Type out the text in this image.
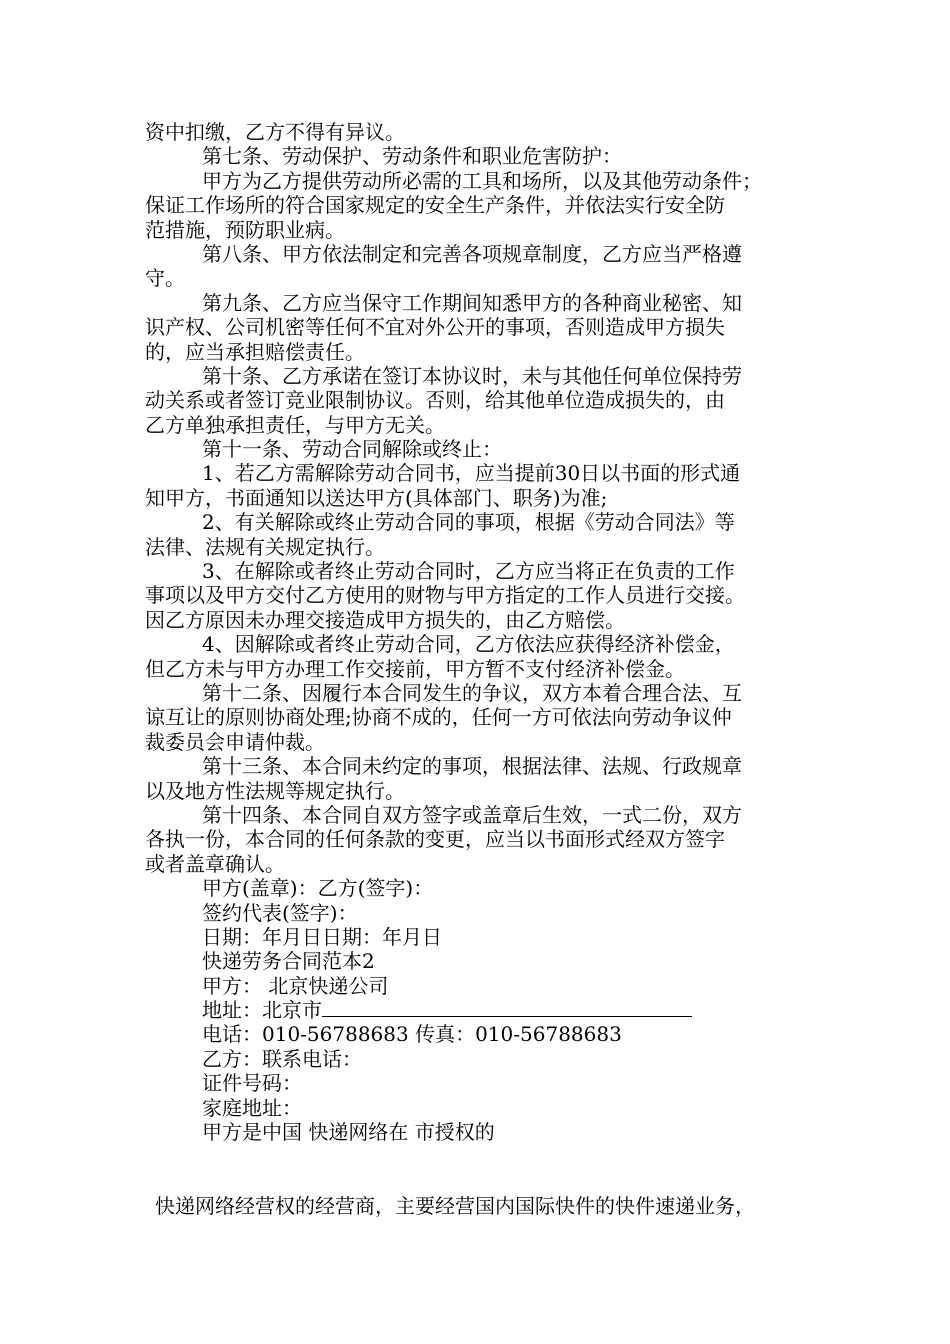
资中扣缴，乙方不得有异议。
第七条、劳动保护、劳动条件和职业危害防护：
甲方为乙方提供劳动所必需的工具和场所，以及其他劳动条件；
保证工作场所的符合国家规定的安全生产条件，并依法实行安全防
范措施，预防职业病。
第八条、甲方依法制定和完善各项规章制度，乙方应当严格遵
守。
第九条、乙方应当保守工作期间知悉甲方的各种商业秘密、知
识产权、公司机密等任何不宜对外公开的事项，否则造成甲方损失
的，应当承担赔偿责任。
第十条、乙方承诺在签订本协议时，未与其他任何单位保持劳
动关系或者签订竞业限制协议。否则，给其他单位造成损失的，由
乙方单独承担责任，与甲方无关。
第十一条、劳动合同解除或终止：
1、若乙方需解除劳动合同书，应当提前30日以书面的形式通
知甲方，书面通知以送达甲方(具体部门、职务)为准;
2、有关解除或终止劳动合同的事项，根据《劳动合同法》等
法律、法规有关规定执行。
3、在解除或者终止劳动合同时，乙方应当将正在负责的工作
事项以及甲方交付乙方使用的财物与甲方指定的工作人员进行交接。
因乙方原因未办理交接造成甲方损失的，由乙方赔偿。
4、因解除或者终止劳动合同，乙方依法应获得经济补偿金，
但乙方未与甲方办理工作交接前，甲方暂不支付经济补偿金。
第十二条、因履行本合同发生的争议，双方本着合理合法、互
谅互让的原则协商处理;协商不成的，任何一方可依法向劳动争议仲
裁委员会申请仲裁。
第十三条、本合同未约定的事项，根据法律、法规、行政规章
以及地方性法规等规定执行。
第十四条、本合同自双方签字或盖章后生效，一式二份，双方
各执一份，本合同的任何条款的变更，应当以书面形式经双方签字
或者盖章确认。
甲方(盖章)：乙方(签字)：
签约代表(签字)：
日期：年月日日期：年月日
快递劳务合同范本2
甲方： 北京快递公司
地址：北京市
电话：010-56788683 传真：010-56788683
乙方：联系电话：
证件号码：
家庭地址：
甲方是中国 快递网络在 市授权的
快递网络经营权的经营商，主要经营国内国际快件的快件速递业务，
